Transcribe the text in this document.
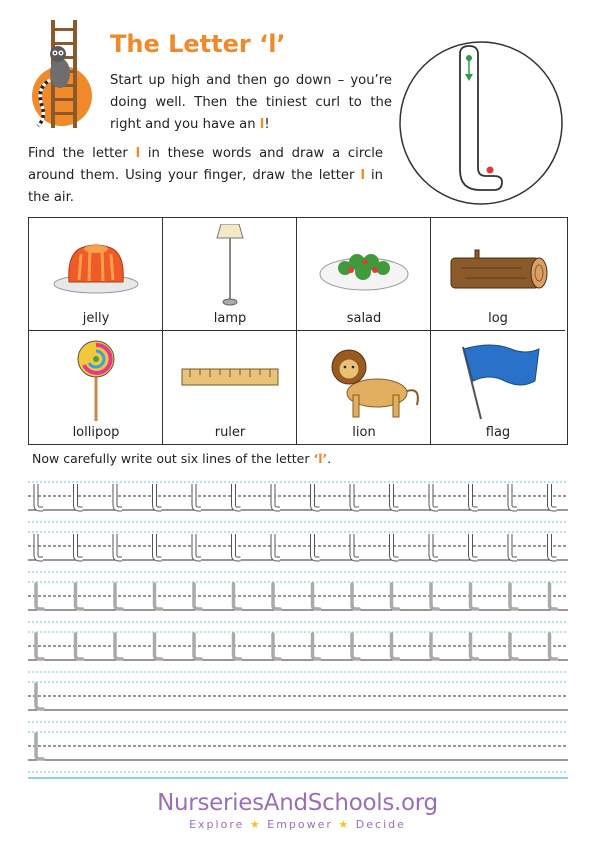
The Letter ‘l’

Start up high and then go down – you’re doing well. Then the tiniest curl to the right and you have an l!

Find the letter l in these words and draw a circle around them. Using your finger, draw the letter l in the air.

jelly	lamp	salad	log
lollipop	ruler	lion	flag

Now carefully write out six lines of the letter ‘l’.

NurseriesAndSchools.org
Explore ★ Empower ★ Decide
